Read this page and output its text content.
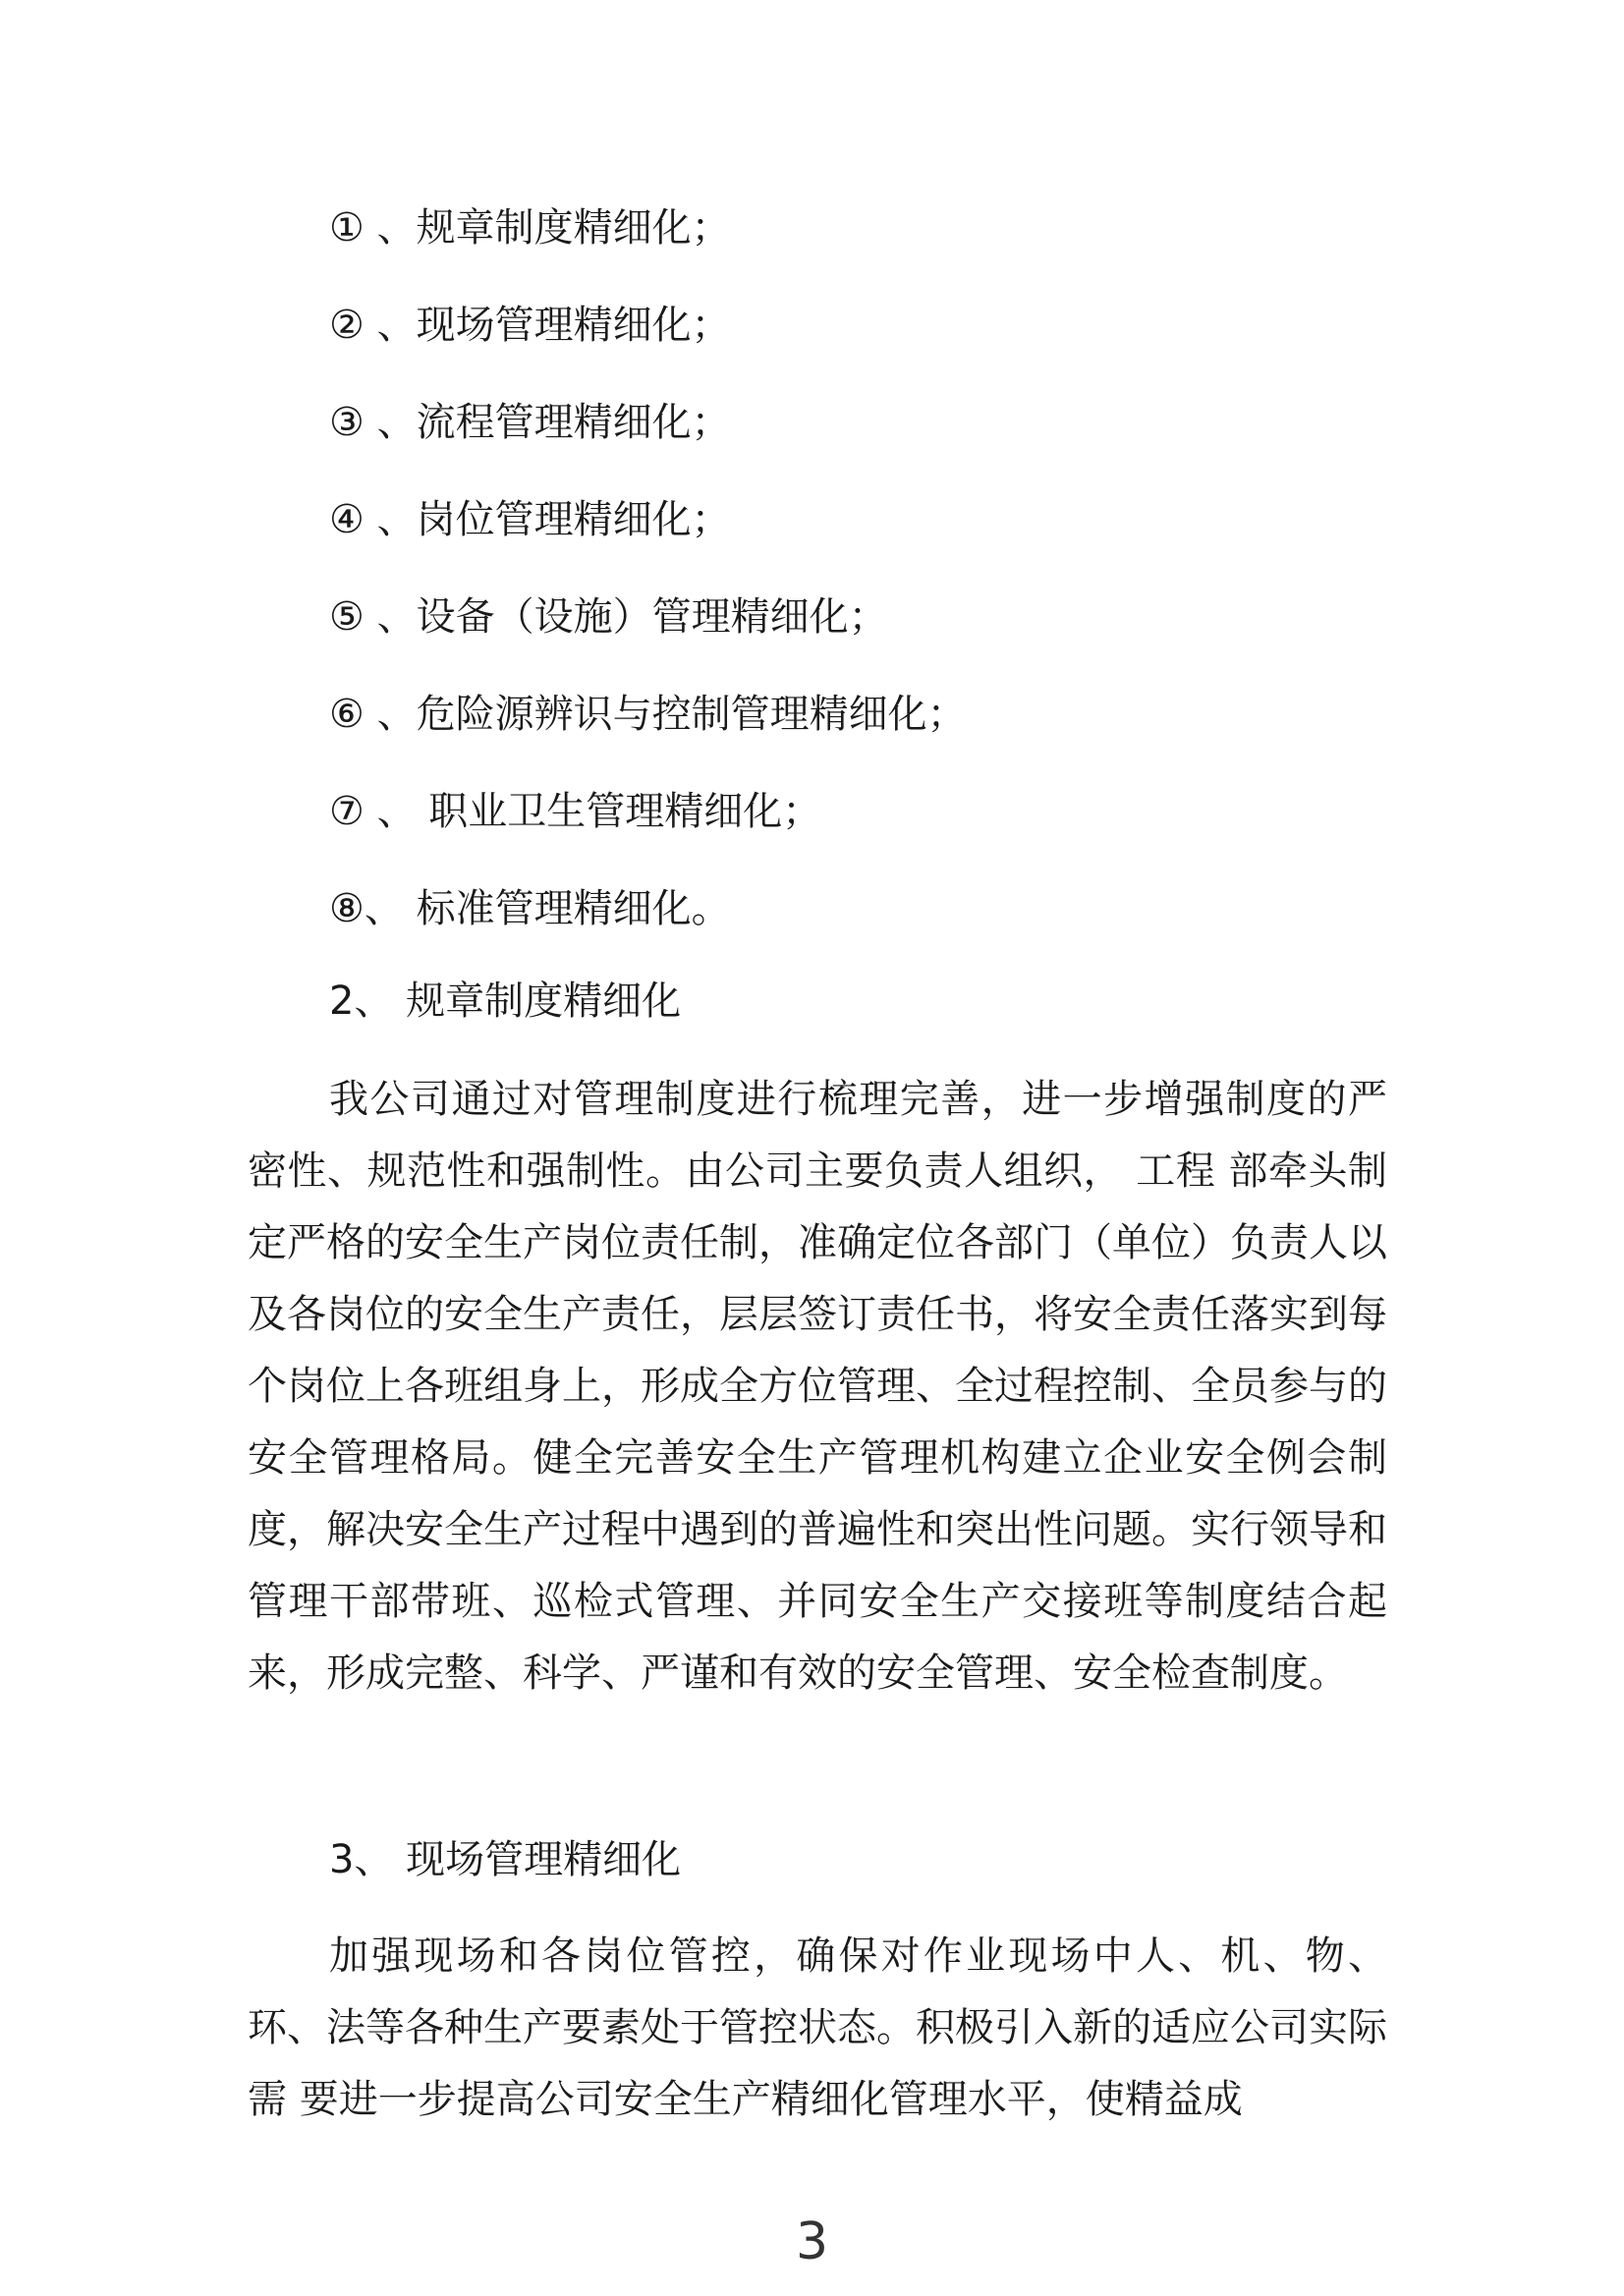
① 、规章制度精细化；
② 、现场管理精细化；
③ 、流程管理精细化；
④ 、岗位管理精细化；
⑤ 、设备（设施）管理精细化；
⑥ 、危险源辨识与控制管理精细化；
⑦ 、 职业卫生管理精细化；
⑧、 标准管理精细化。
2、 规章制度精细化

我公司通过对管理制度进行梳理完善，进一步增强制度的严密性、规范性和强制性。由公司主要负责人组织， 工程 部牵头制定严格的安全生产岗位责任制，准确定位各部门（单位）负责人以及各岗位的安全生产责任，层层签订责任书，将安全责任落实到每个岗位上各班组身上，形成全方位管理、全过程控制、全员参与的安全管理格局。健全完善安全生产管理机构建立企业安全例会制度，解决安全生产过程中遇到的普遍性和突出性问题。实行领导和管理干部带班、巡检式管理、并同安全生产交接班等制度结合起来，形成完整、科学、严谨和有效的安全管理、安全检查制度。

3、 现场管理精细化

加强现场和各岗位管控，确保对作业现场中人、机、物、环、法等各种生产要素处于管控状态。积极引入新的适应公司实际需 要进一步提高公司安全生产精细化管理水平，使精益成

3
